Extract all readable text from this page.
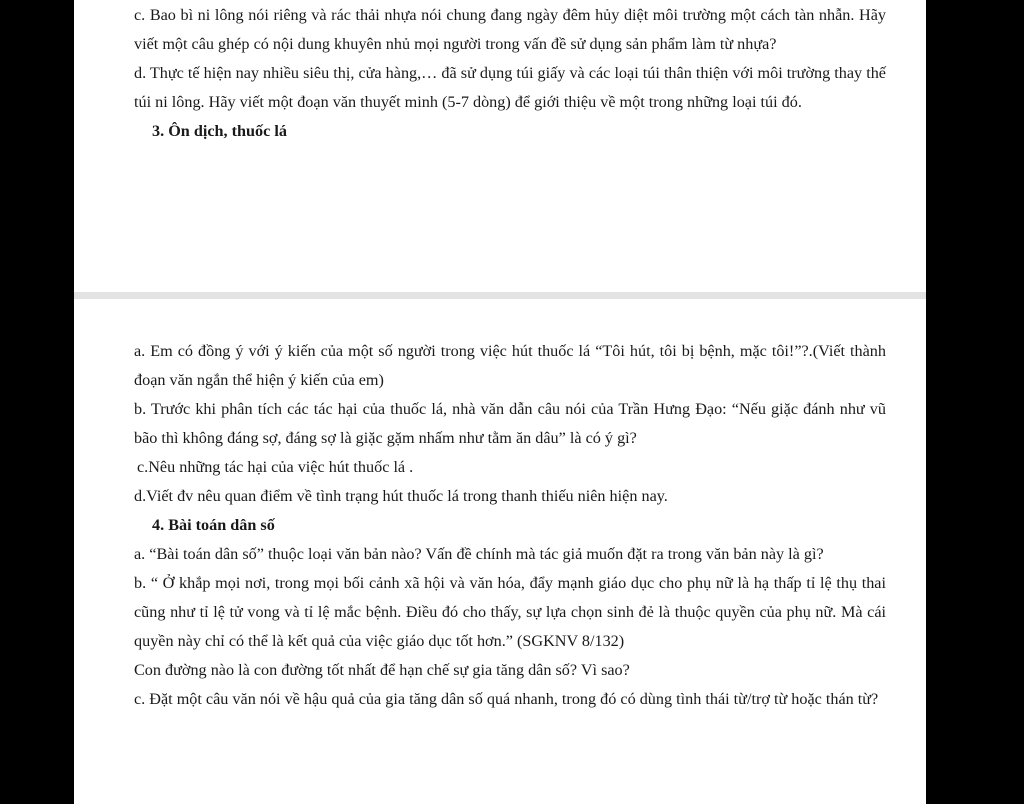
c. Bao bì ni lông nói riêng và rác thải nhựa nói chung đang ngày đêm hủy diệt môi trường một cách tàn nhẫn. Hãy viết một câu ghép có nội dung khuyên nhủ mọi người trong vấn đề sử dụng sản phẩm làm từ nhựa?

d. Thực tế hiện nay nhiều siêu thị, cửa hàng,… đã sử dụng túi giấy và các loại túi thân thiện với môi trường thay thế túi ni lông. Hãy viết một đoạn văn thuyết minh (5-7 dòng) để giới thiệu về một trong những loại túi đó.

3. Ôn dịch, thuốc lá

a. Em có đồng ý với ý kiến của một số người trong việc hút thuốc lá “Tôi hút, tôi bị bệnh, mặc tôi!”?.(Viết thành đoạn văn ngắn thể hiện ý kiến của em)

b. Trước khi phân tích các tác hại của thuốc lá, nhà văn dẫn câu nói của Trần Hưng Đạo: “Nếu giặc đánh như vũ bão thì không đáng sợ, đáng sợ là giặc gặm nhấm như tằm ăn dâu” là có ý gì?

c.Nêu những tác hại của việc hút thuốc lá .

d.Viết đv nêu quan điểm về tình trạng hút thuốc lá trong thanh thiếu niên hiện nay.

4. Bài toán dân số

a. “Bài toán dân số” thuộc loại văn bản nào? Vấn đề chính mà tác giả muốn đặt ra trong văn bản này là gì?

b. “ Ở khắp mọi nơi, trong mọi bối cảnh xã hội và văn hóa, đẩy mạnh giáo dục cho phụ nữ là hạ thấp tỉ lệ thụ thai cũng như tỉ lệ tử vong và tỉ lệ mắc bệnh. Điều đó cho thấy, sự lựa chọn sinh đẻ là thuộc quyền của phụ nữ. Mà cái quyền này chỉ có thể là kết quả của việc giáo dục tốt hơn.” (SGKNV 8/132)

Con đường nào là con đường tốt nhất để hạn chế sự gia tăng dân số? Vì sao?

c. Đặt một câu văn nói về hậu quả của gia tăng dân số quá nhanh, trong đó có dùng tình thái từ/trợ từ hoặc thán từ?
